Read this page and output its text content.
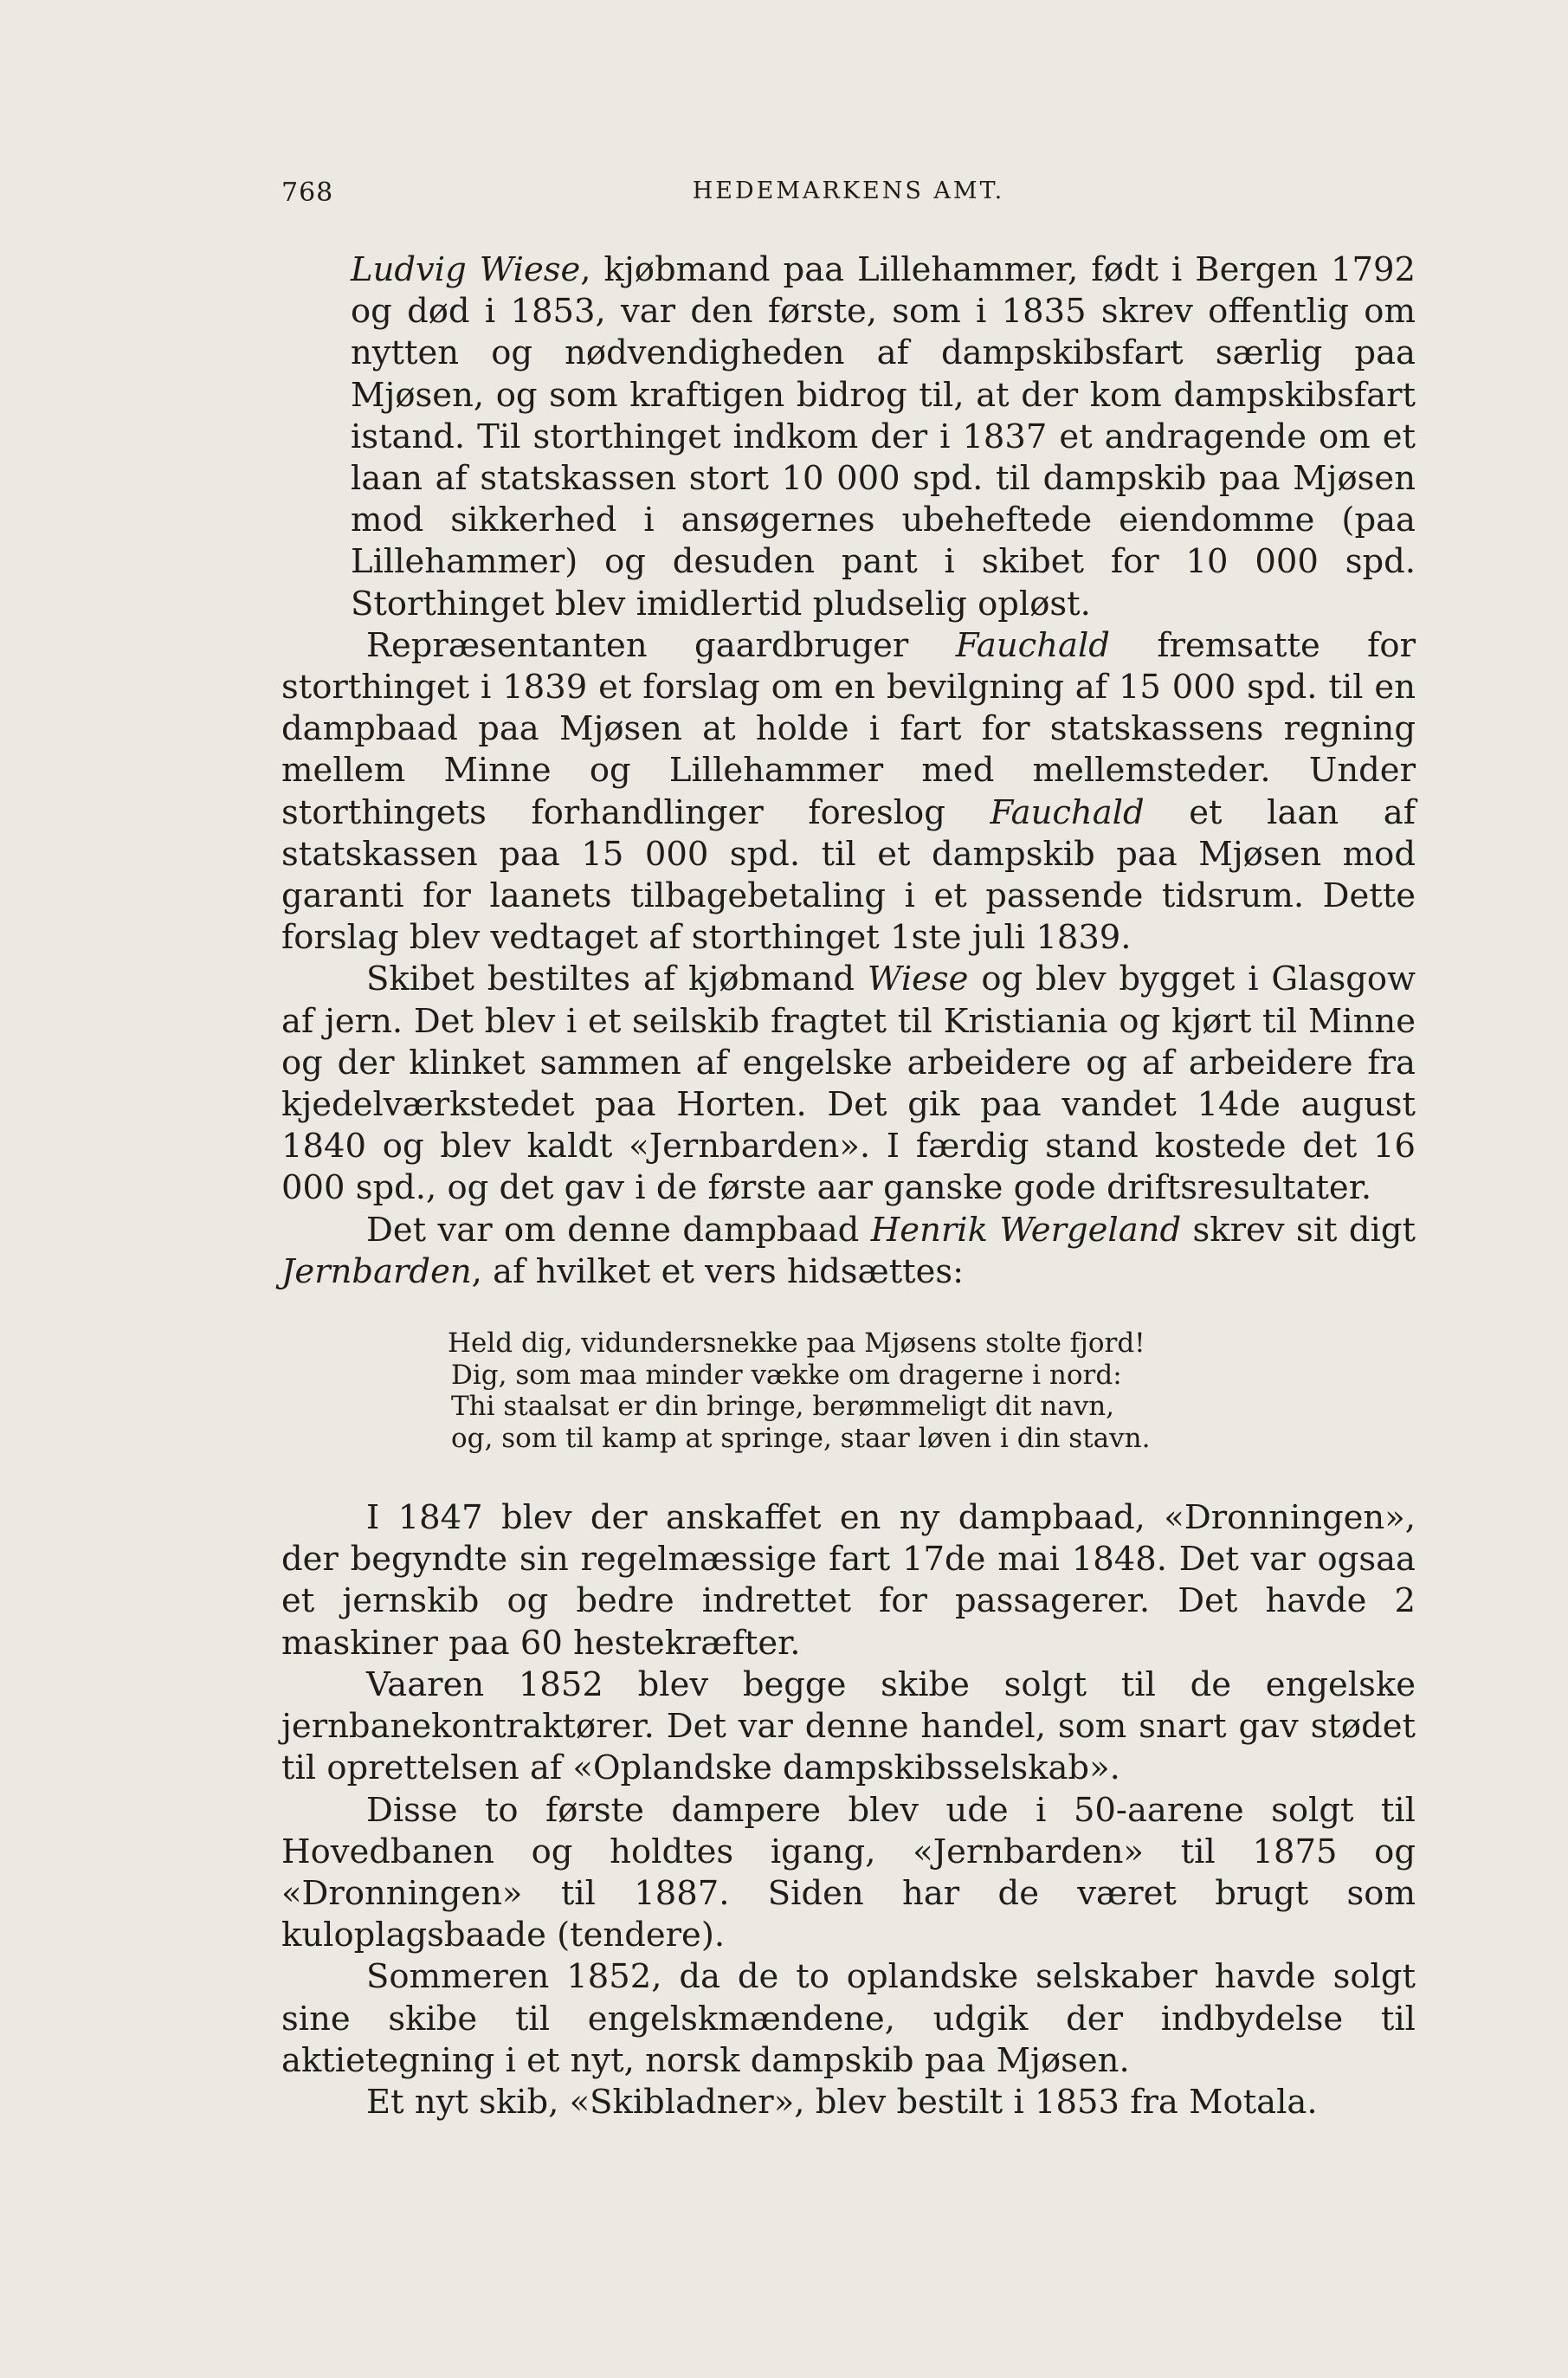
768	HEDEMARKENS AMT.

Ludvig Wiese, kjøbmand paa Lillehammer, født i Bergen 1792 og død i 1853, var den første, som i 1835 skrev offentlig om nytten og nødvendigheden af dampskibsfart særlig paa Mjøsen, og som kraftigen bidrog til, at der kom dampskibsfart istand. Til storthinget indkom der i 1837 et andragende om et laan af statskassen stort 10 000 spd. til dampskib paa Mjøsen mod sikkerhed i ansøgernes ubeheftede eiendomme (paa Lillehammer) og desuden pant i skibet for 10 000 spd. Storthinget blev imidlertid pludselig opløst.

Repræsentanten gaardbruger Fauchald fremsatte for storthinget i 1839 et forslag om en bevilgning af 15 000 spd. til en dampbaad paa Mjøsen at holde i fart for statskassens regning mellem Minne og Lillehammer med mellemsteder. Under storthingets forhandlinger foreslog Fauchald et laan af statskassen paa 15 000 spd. til et dampskib paa Mjøsen mod garanti for laanets tilbagebetaling i et passende tidsrum. Dette forslag blev vedtaget af storthinget 1ste juli 1839.

Skibet bestiltes af kjøbmand Wiese og blev bygget i Glasgow af jern. Det blev i et seilskib fragtet til Kristiania og kjørt til Minne og der klinket sammen af engelske arbeidere og af arbeidere fra kjedelværkstedet paa Horten. Det gik paa vandet 14de august 1840 og blev kaldt «Jernbarden». I færdig stand kostede det 16 000 spd., og det gav i de første aar ganske gode driftsresultater.

Det var om denne dampbaad Henrik Wergeland skrev sit digt Jernbarden, af hvilket et vers hidsættes:

Held dig, vidundersnekke paa Mjøsens stolte fjord!
Dig, som maa minder vække om dragerne i nord:
Thi staalsat er din bringe, berømmeligt dit navn,
og, som til kamp at springe, staar løven i din stavn.

I 1847 blev der anskaffet en ny dampbaad, «Dronningen», der begyndte sin regelmæssige fart 17de mai 1848. Det var ogsaa et jernskib og bedre indrettet for passagerer. Det havde 2 maskiner paa 60 hestekræfter.

Vaaren 1852 blev begge skibe solgt til de engelske jernbanekontraktører. Det var denne handel, som snart gav stødet til oprettelsen af «Oplandske dampskibsselskab».

Disse to første dampere blev ude i 50-aarene solgt til Hovedbanen og holdtes igang, «Jernbarden» til 1875 og «Dronningen» til 1887. Siden har de været brugt som kuloplagsbaade (tendere).

Sommeren 1852, da de to oplandske selskaber havde solgt sine skibe til engelskmændene, udgik der indbydelse til aktietegning i et nyt, norsk dampskib paa Mjøsen.

Et nyt skib, «Skibladner», blev bestilt i 1853 fra Motala.
